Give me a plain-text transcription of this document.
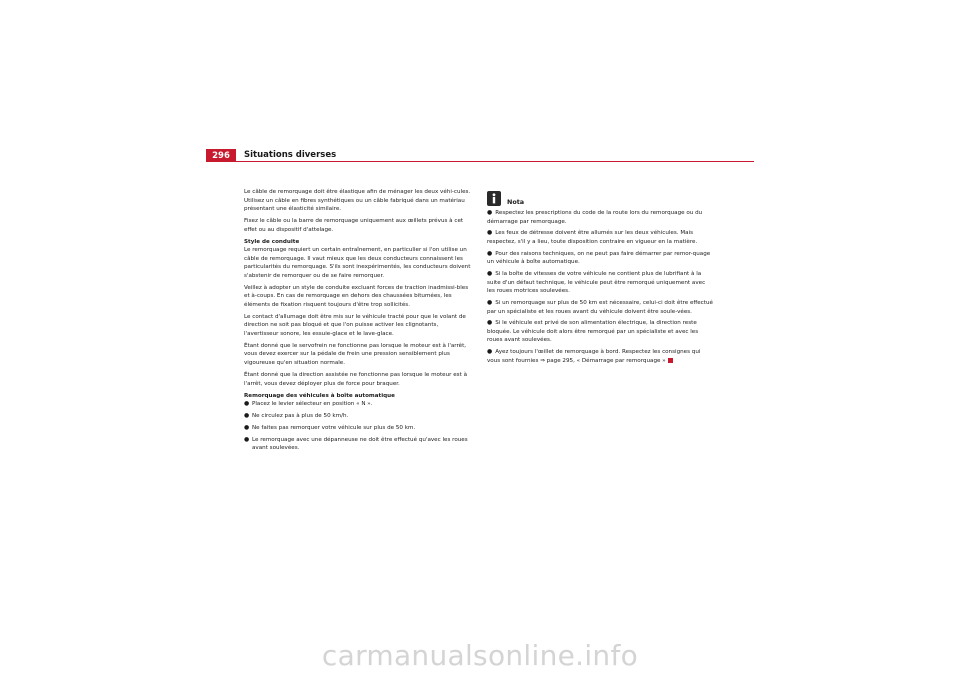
296	Situations diverses

Le câble de remorquage doit être élastique afin de ménager les deux véhi-cules. Utilisez un câble en fibres synthétiques ou un câble fabriqué dans un matériau présentant une élasticité similaire.

Fixez le câble ou la barre de remorquage uniquement aux œillets prévus à cet effet ou au dispositif d'attelage.

Style de conduite

Le remorquage requiert un certain entraînement, en particulier si l'on utilise un câble de remorquage. Il vaut mieux que les deux conducteurs connaissent les particularités du remorquage. S'ils sont inexpérimentés, les conducteurs doivent s'abstenir de remorquer ou de se faire remorquer.

Veillez à adopter un style de conduite excluant forces de traction inadmissi-bles et à-coups. En cas de remorquage en dehors des chaussées bitumées, les éléments de fixation risquent toujours d'être trop sollicités.

Le contact d'allumage doit être mis sur le véhicule tracté pour que le volant de direction ne soit pas bloqué et que l'on puisse activer les clignotants, l'avertisseur sonore, les essuie-glace et le lave-glace.

Étant donné que le servofrein ne fonctionne pas lorsque le moteur est à l'arrêt, vous devez exercer sur la pédale de frein une pression sensiblement plus vigoureuse qu'en situation normale.

Étant donné que la direction assistée ne fonctionne pas lorsque le moteur est à l'arrêt, vous devez déployer plus de force pour braquer.

Remorquage des véhicules à boîte automatique

● Placez le levier sélecteur en position « N ».
● Ne circulez pas à plus de 50 km/h.
● Ne faites pas remorquer votre véhicule sur plus de 50 km.
● Le remorquage avec une dépanneuse ne doit être effectué qu'avec les roues avant soulevées.
Nota
● Respectez les prescriptions du code de la route lors du remorquage ou du démarrage par remorquage.
● Les feux de détresse doivent être allumés sur les deux véhicules. Mais respectez, s'il y a lieu, toute disposition contraire en vigueur en la matière.
● Pour des raisons techniques, on ne peut pas faire démarrer par remor-quage un véhicule à boîte automatique.
● Si la boîte de vitesses de votre véhicule ne contient plus de lubrifiant à la suite d'un défaut technique, le véhicule peut être remorqué uniquement avec les roues motrices soulevées.
● Si un remorquage sur plus de 50 km est nécessaire, celui-ci doit être effectué par un spécialiste et les roues avant du véhicule doivent être soule-vées.
● Si le véhicule est privé de son alimentation électrique, la direction reste bloquée. Le véhicule doit alors être remorqué par un spécialiste et avec les roues avant soulevées.
● Ayez toujours l'œillet de remorquage à bord. Respectez les consignes qui vous sont fournies ⇒ page 295, « Démarrage par remorquage »
carmanualsonline.info
